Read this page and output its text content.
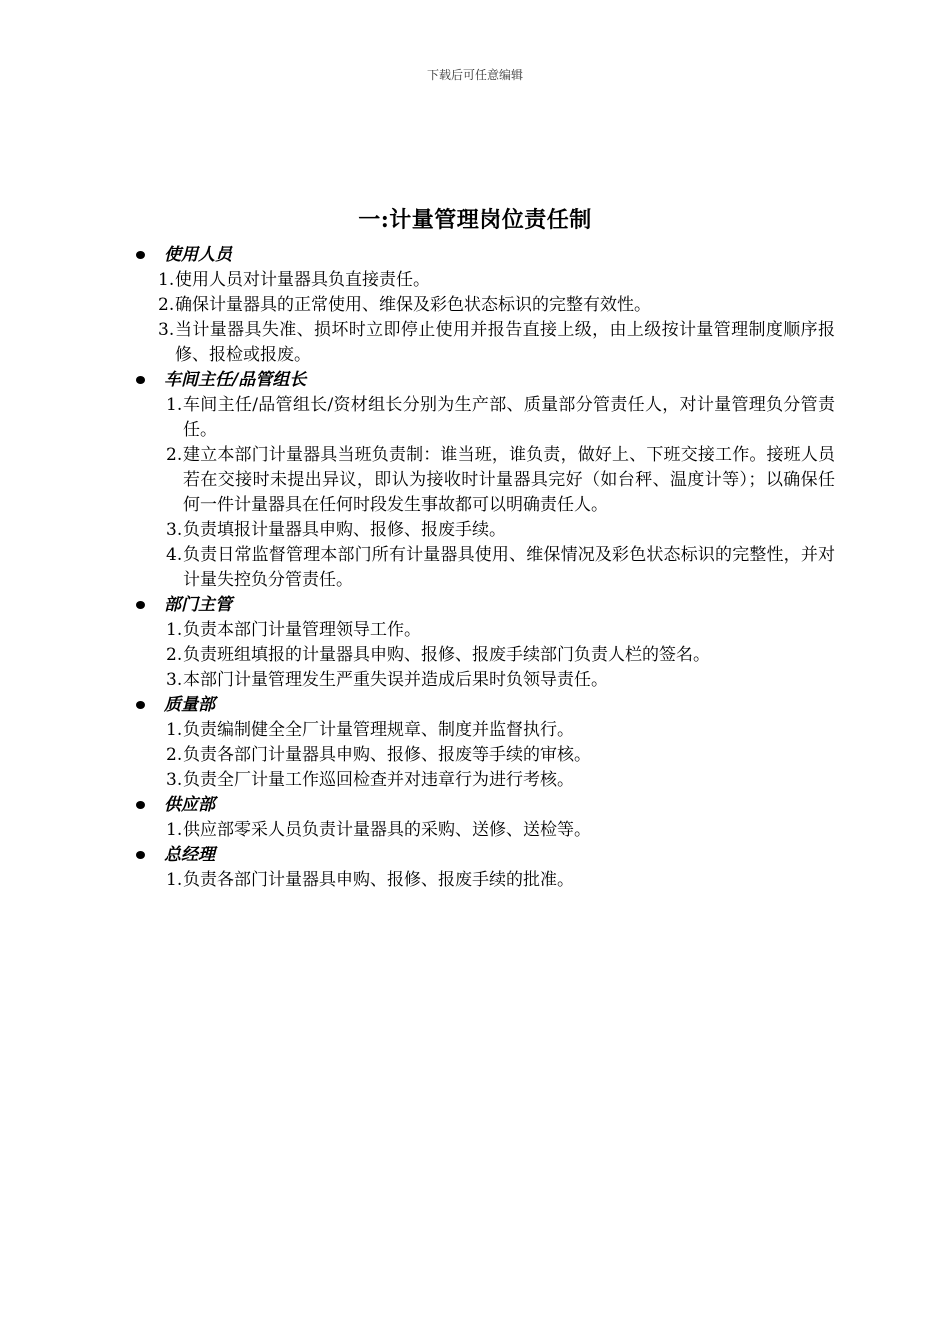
下载后可任意编辑
一:计量管理岗位责任制
使用人员
1. 使用人员对计量器具负直接责任。
2. 确保计量器具的正常使用、维保及彩色状态标识的完整有效性。
3. 当计量器具失准、损坏时立即停止使用并报告直接上级，由上级按计量管理制度顺序报修、报检或报废。
车间主任/品管组长
1. 车间主任/品管组长/资材组长分别为生产部、质量部分管责任人，对计量管理负分管责任。
2. 建立本部门计量器具当班负责制：谁当班，谁负责，做好上、下班交接工作。接班人员若在交接时未提出异议，即认为接收时计量器具完好（如台秤、温度计等）；以确保任何一件计量器具在任何时段发生事故都可以明确责任人。
3. 负责填报计量器具申购、报修、报废手续。
4. 负责日常监督管理本部门所有计量器具使用、维保情况及彩色状态标识的完整性，并对计量失控负分管责任。
部门主管
1. 负责本部门计量管理领导工作。
2. 负责班组填报的计量器具申购、报修、报废手续部门负责人栏的签名。
3. 本部门计量管理发生严重失误并造成后果时负领导责任。
质量部
1. 负责编制健全全厂计量管理规章、制度并监督执行。
2. 负责各部门计量器具申购、报修、报废等手续的审核。
3. 负责全厂计量工作巡回检查并对违章行为进行考核。
供应部
1. 供应部零采人员负责计量器具的采购、送修、送检等。
总经理
1. 负责各部门计量器具申购、报修、报废手续的批准。
